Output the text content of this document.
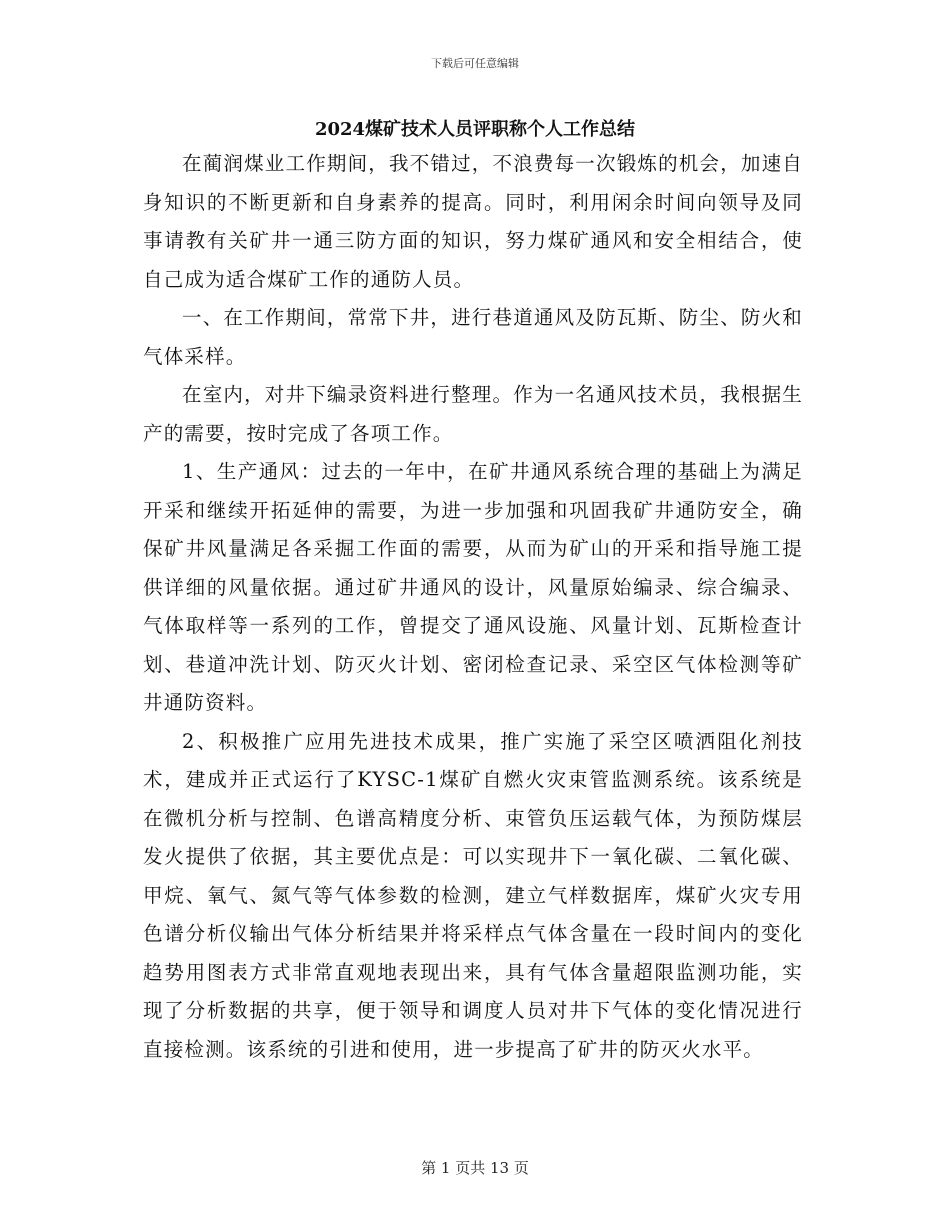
下载后可任意编辑
2024煤矿技术人员评职称个人工作总结

在蔺润煤业工作期间，我不错过，不浪费每一次锻炼的机会，加速自身知识的不断更新和自身素养的提高。同时，利用闲余时间向领导及同事请教有关矿井一通三防方面的知识，努力煤矿通风和安全相结合，使自己成为适合煤矿工作的通防人员。

一、在工作期间，常常下井，进行巷道通风及防瓦斯、防尘、防火和气体采样。

在室内，对井下编录资料进行整理。作为一名通风技术员，我根据生产的需要，按时完成了各项工作。

1、生产通风：过去的一年中，在矿井通风系统合理的基础上为满足开采和继续开拓延伸的需要，为进一步加强和巩固我矿井通防安全，确保矿井风量满足各采掘工作面的需要，从而为矿山的开采和指导施工提供详细的风量依据。通过矿井通风的设计，风量原始编录、综合编录、气体取样等一系列的工作，曾提交了通风设施、风量计划、瓦斯检查计划、巷道冲洗计划、防灭火计划、密闭检查记录、采空区气体检测等矿井通防资料。

2、积极推广应用先进技术成果，推广实施了采空区喷洒阻化剂技术，建成并正式运行了KYSC-1煤矿自燃火灾束管监测系统。该系统是在微机分析与控制、色谱高精度分析、束管负压运载气体，为预防煤层发火提供了依据，其主要优点是：可以实现井下一氧化碳、二氧化碳、甲烷、氧气、氮气等气体参数的检测，建立气样数据库，煤矿火灾专用色谱分析仪输出气体分析结果并将采样点气体含量在一段时间内的变化趋势用图表方式非常直观地表现出来，具有气体含量超限监测功能，实现了分析数据的共享，便于领导和调度人员对井下气体的变化情况进行直接检测。该系统的引进和使用，进一步提高了矿井的防灭火水平。

第 1 页共 13 页
